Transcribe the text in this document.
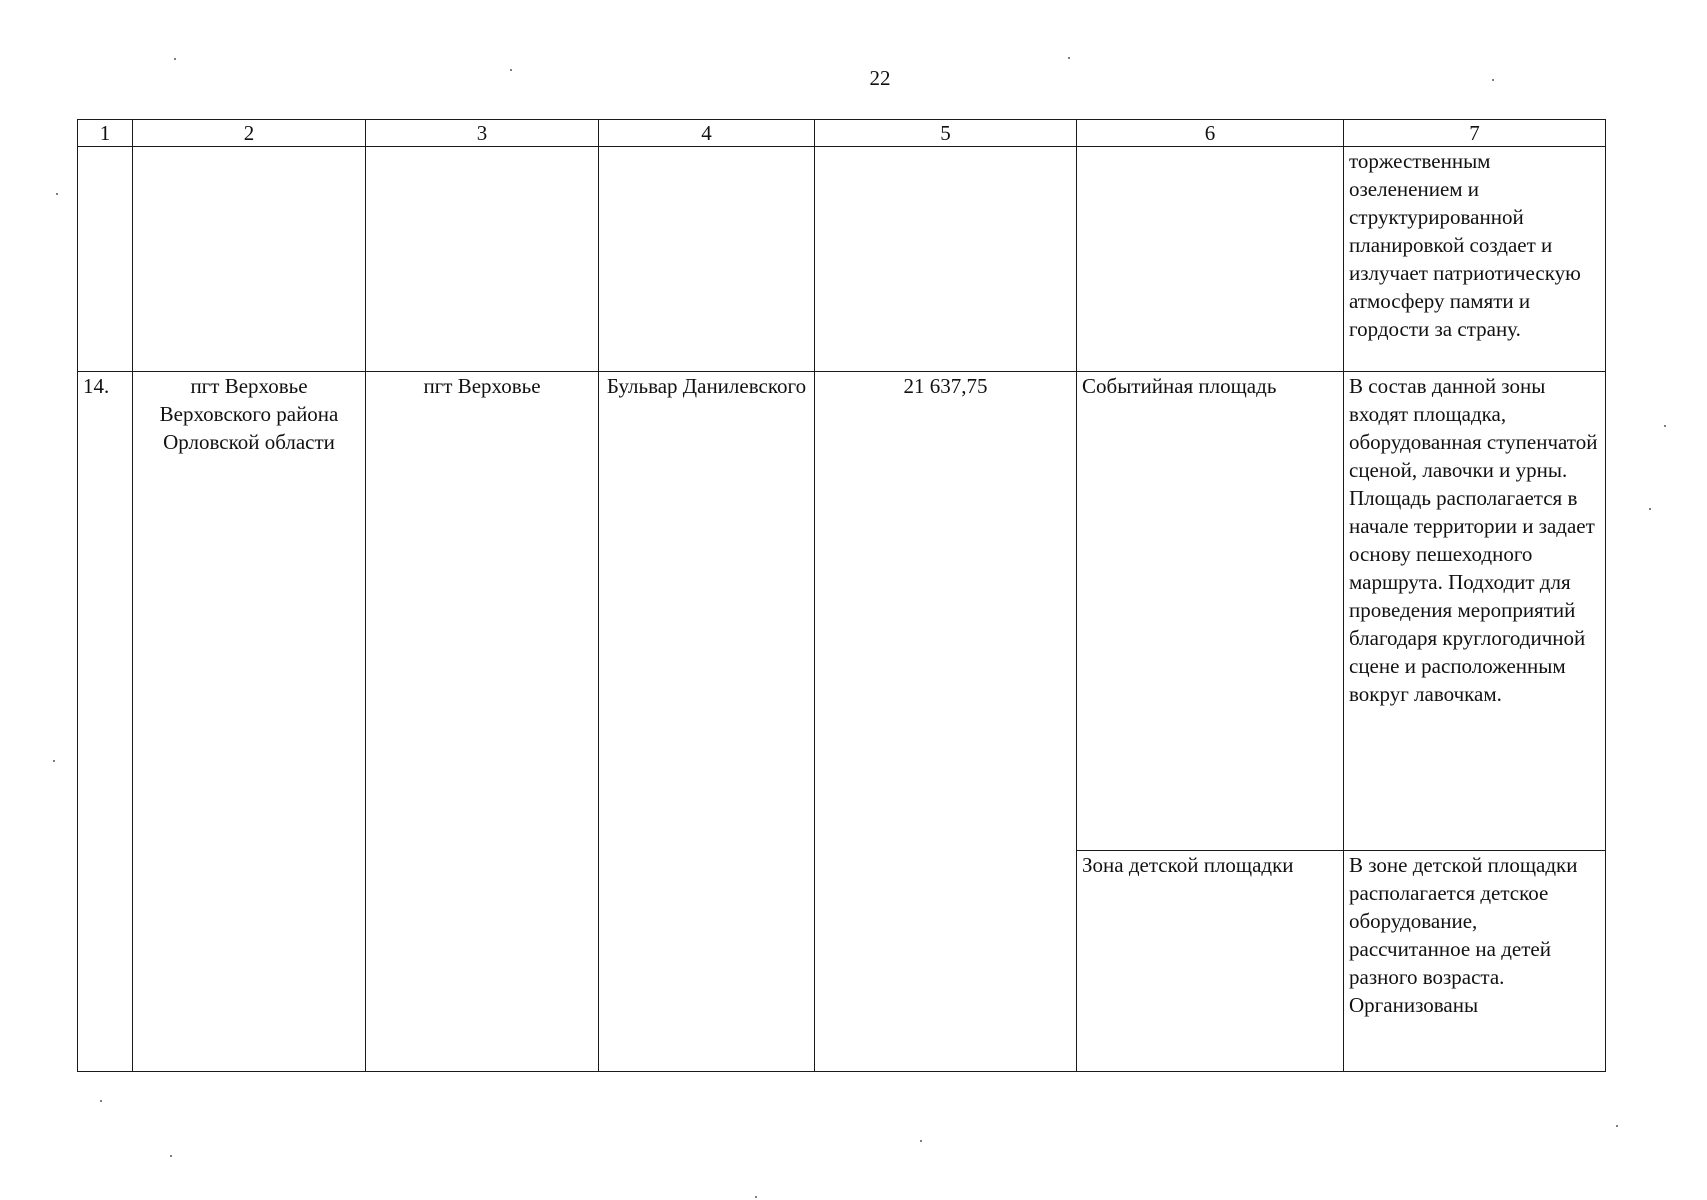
22
1	2	3	4	5	6	7
						торжественным озеленением и структурированной планировкой создает и излучает патриотическую атмосферу памяти и гордости за страну.
14.	пгт Верховье Верховского района Орловской области	пгт Верховье	Бульвар Данилевского	21 637,75	Событийная площадь	В состав данной зоны входят площадка, оборудованная ступенчатой сценой, лавочки и урны. Площадь располагается в начале территории и задает основу пешеходного маршрута. Подходит для проведения мероприятий благодаря круглогодичной сцене и расположенным вокруг лавочкам.
					Зона детской площадки	В зоне детской площадки располагается детское оборудование, рассчитанное на детей разного возраста. Организованы
